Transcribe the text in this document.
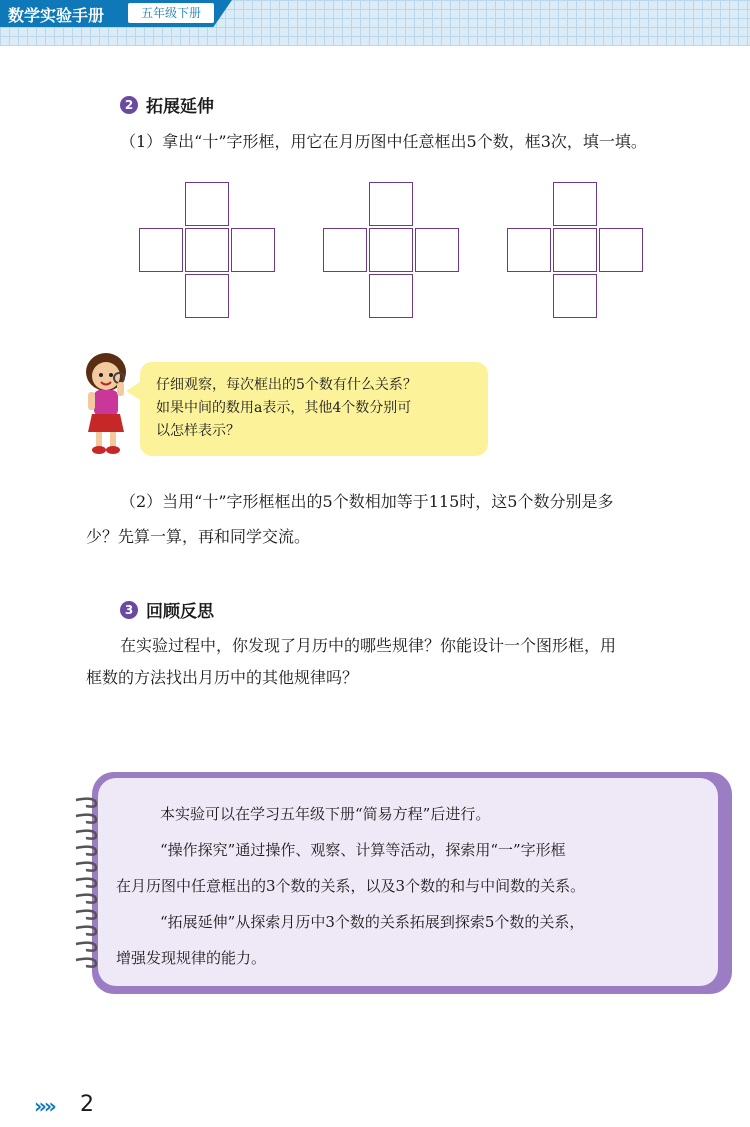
数学实验手册	五年级下册
2 拓展延伸
（1）拿出“十”字形框，用它在月历图中任意框出5个数，框3次，填一填。
仔细观察，每次框出的5个数有什么关系？
如果中间的数用a表示，其他4个数分别可
以怎样表示？
（2）当用“十”字形框框出的5个数相加等于115时，这5个数分别是多
少？先算一算，再和同学交流。
3 回顾反思
在实验过程中，你发现了月历中的哪些规律？你能设计一个图形框，用
框数的方法找出月历中的其他规律吗？

本实验可以在学习五年级下册“简易方程”后进行。

“操作探究”通过操作、观察、计算等活动，探索用“一”字形框

在月历图中任意框出的3个数的关系，以及3个数的和与中间数的关系。

“拓展延伸”从探索月历中3个数的关系拓展到探索5个数的关系，

增强发现规律的能力。

»» 2
